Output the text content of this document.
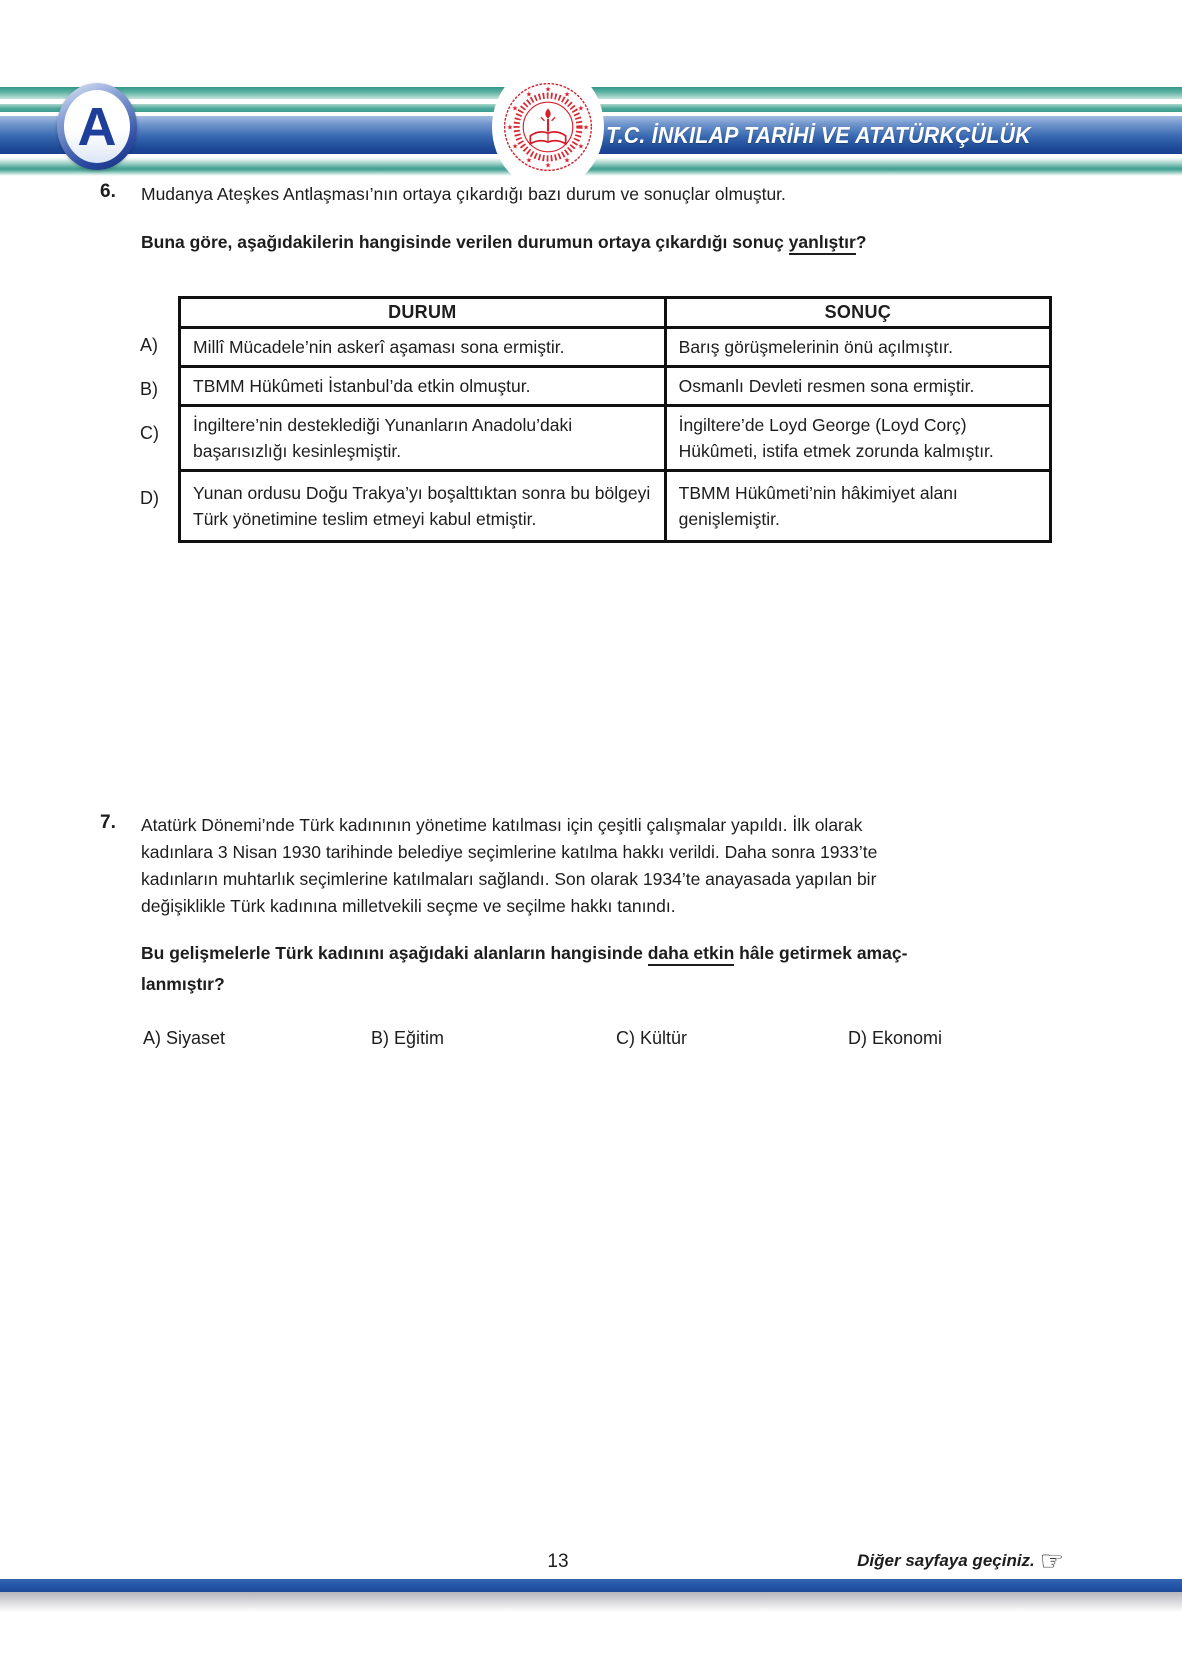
T.C. İNKILAP TARİHİ VE ATATÜRKÇÜLÜK
A
★
★
★
★
★
★
★
★
★
★
★
★
6. Mudanya Ateşkes Antlaşması’nın ortaya çıkardığı bazı durum ve sonuçlar olmuştur.
Buna göre, aşağıdakilerin hangisinde verilen durumun ortaya çıkardığı sonuç yanlıştır?
A)
B)
C)
D)
DURUM	SONUÇ
Millî Mücadele’nin askerî aşaması sona ermiştir.	Barış görüşmelerinin önü açılmıştır.
TBMM Hükûmeti İstanbul’da etkin olmuştur.	Osmanlı Devleti resmen sona ermiştir.
İngiltere’nin desteklediği Yunanların Anadolu’daki başarısızlığı kesinleşmiştir.	İngiltere’de Loyd George (Loyd Corç) Hükûmeti, istifa etmek zorunda kalmıştır.
Yunan ordusu Doğu Trakya’yı boşalttıktan sonra bu bölgeyi Türk yönetimine teslim etmeyi kabul etmiştir.	TBMM Hükûmeti’nin hâkimiyet alanı genişlemiştir.
7. Atatürk Dönemi’nde Türk kadınının yönetime katılması için çeşitli çalışmalar yapıldı. İlk olarak
kadınlara 3 Nisan 1930 tarihinde belediye seçimlerine katılma hakkı verildi. Daha sonra 1933’te
kadınların muhtarlık seçimlerine katılmaları sağlandı. Son olarak 1934’te anayasada yapılan bir
değişiklikle Türk kadınına milletvekili seçme ve seçilme hakkı tanındı.
Bu gelişmelerle Türk kadınını aşağıdaki alanların hangisinde daha etkin hâle getirmek amaç-
lanmıştır?
A) Siyaset	B) Eğitim	C) Kültür	D) Ekonomi
13	Diğer sayfaya geçiniz. ☞
